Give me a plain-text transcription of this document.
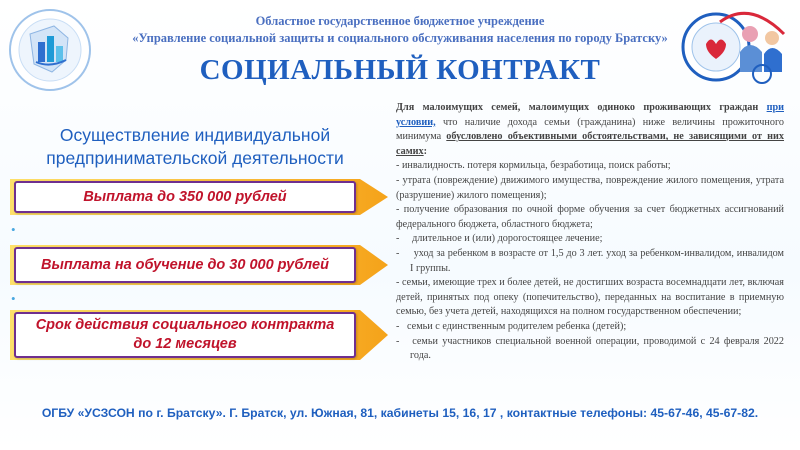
Областное государственное бюджетное учреждение
«Управление социальной защиты и социального обслуживания населения по городу Братску»
СОЦИАЛЬНЫЙ КОНТРАКТ
Осуществление индивидуальной
предпринимательской деятельности
Выплата до 350 000 рублей
•
Выплата на обучение до 30 000 рублей
•
Срок действия социального контракта
до 12 месяцев

Для малоимущих семей, малоимущих одиноко проживающих граждан при условии, что наличие дохода семьи (гражданина) ниже величины прожиточного минимума обусловлено объективными обстоятельствами, не зависящими от них самих:

- инвалидность. потеря кормильца, безработица, поиск работы;

- утрата (повреждение) движимого имущества, повреждение жилого помещения, утрата (разрушение) жилого помещения);

- получение образования по очной форме обучения за счет бюджетных ассигнований федерального бюджета, областного бюджета;

-     длительное и (или) дорогостоящее лечение;

-     уход за ребенком в возрасте от 1,5 до 3 лет. уход за ребенком-инвалидом, инвалидом I группы.

- семьи, имеющие трех и более детей, не достигших возраста восемнадцати лет, включая детей, принятых под опеку (попечительство), переданных на воспитание в приемную семью, без учета детей, находящихся на полном государственном обеспечении;

-   семьи с единственным родителем ребенка (детей);

-   семьи участников специальной военной операции, проводимой с 24 февраля 2022 года.

ОГБУ «УСЗСОН по г. Братску». Г. Братск, ул. Южная, 81, кабинеты 15, 16, 17 , контактные телефоны: 45-67-46, 45-67-82.
